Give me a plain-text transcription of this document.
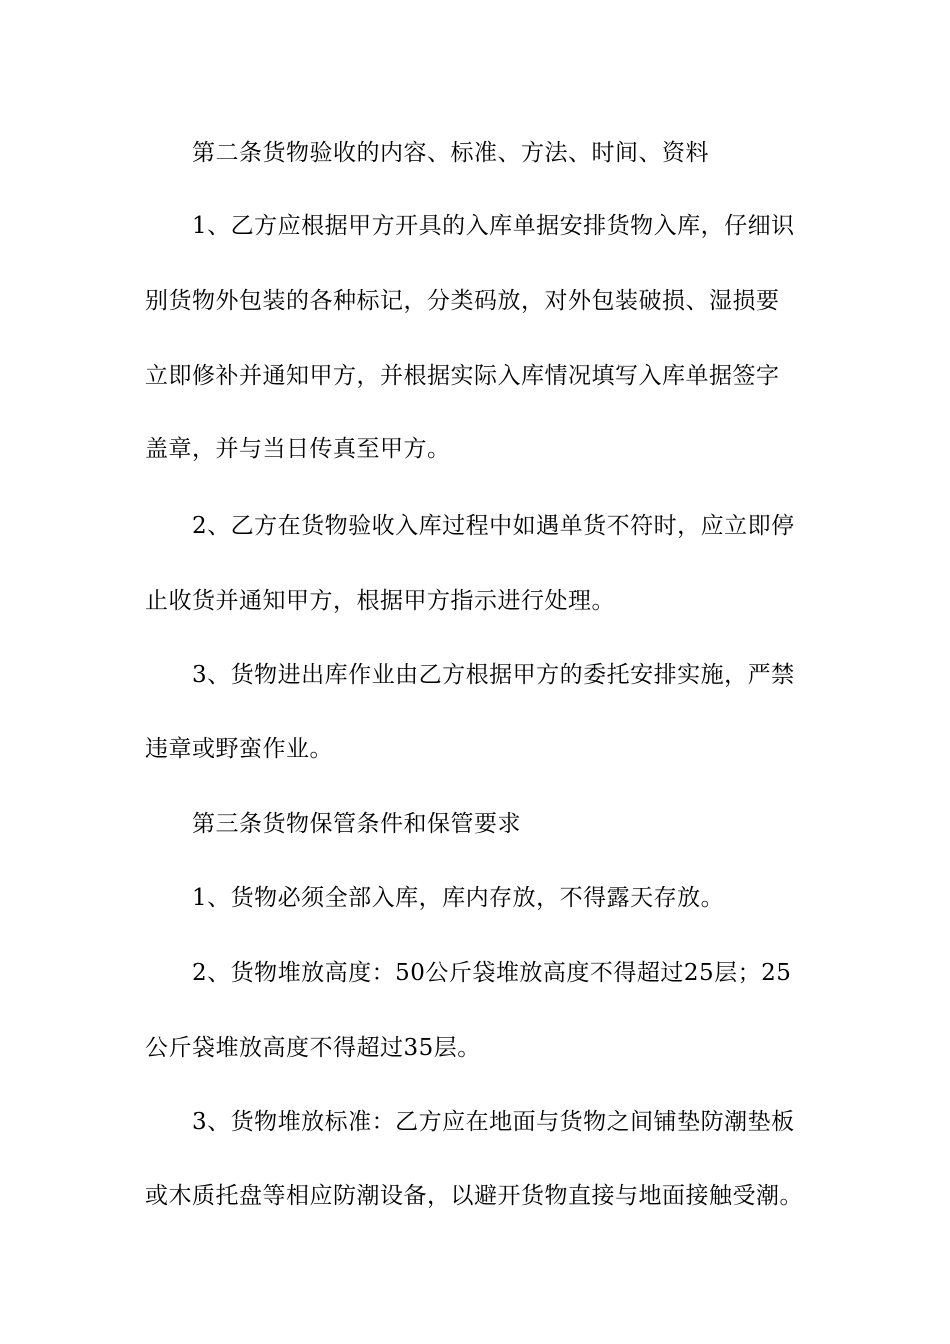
第二条货物验收的内容、标准、方法、时间、资料
1、乙方应根据甲方开具的入库单据安排货物入库，仔细识
别货物外包装的各种标记，分类码放，对外包装破损、湿损要
立即修补并通知甲方，并根据实际入库情况填写入库单据签字
盖章，并与当日传真至甲方。
2、乙方在货物验收入库过程中如遇单货不符时，应立即停
止收货并通知甲方，根据甲方指示进行处理。
3、货物进出库作业由乙方根据甲方的委托安排实施，严禁
违章或野蛮作业。
第三条货物保管条件和保管要求
1、货物必须全部入库，库内存放，不得露天存放。
2、货物堆放高度：50公斤袋堆放高度不得超过25层；25
公斤袋堆放高度不得超过35层。
3、货物堆放标准：乙方应在地面与货物之间铺垫防潮垫板
或木质托盘等相应防潮设备，以避开货物直接与地面接触受潮。
